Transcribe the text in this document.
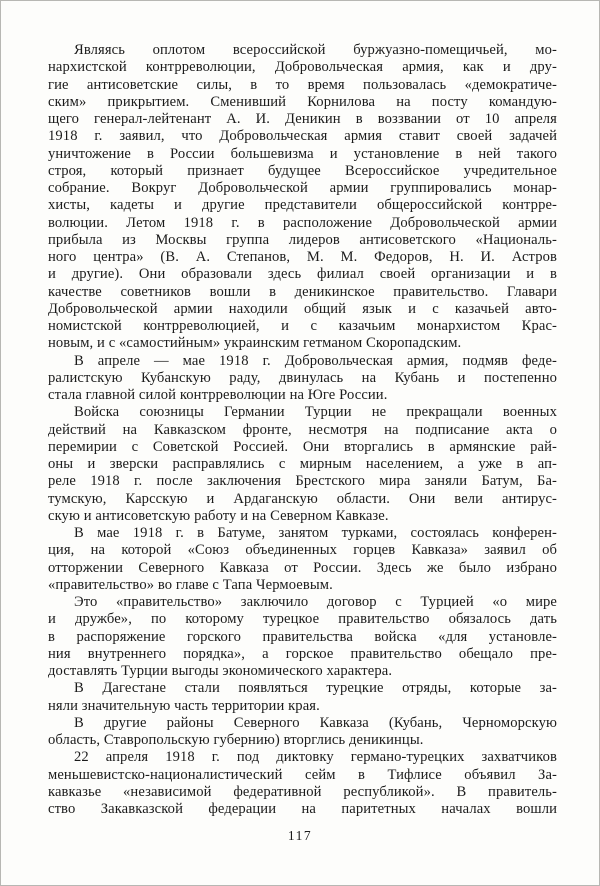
Являясь оплотом всероссийской буржуазно-помещичьей, мо-
нархистской контрреволюции, Добровольческая армия, как и дру-
гие антисоветские силы, в то время пользовалась «демократиче-
ским» прикрытием. Сменивший Корнилова на посту командую-
щего генерал-лейтенант А. И. Деникин в воззвании от 10 апреля
1918 г. заявил, что Добровольческая армия ставит своей задачей
уничтожение в России большевизма и установление в ней такого
строя, который признает будущее Всероссийское учредительное
собрание. Вокруг Добровольческой армии группировались монар-
хисты, кадеты и другие представители общероссийской контрре-
волюции. Летом 1918 г. в расположение Добровольческой армии
прибыла из Москвы группа лидеров антисоветского «Националь-
ного центра» (В. А. Степанов, М. М. Федоров, Н. И. Астров
и другие). Они образовали здесь филиал своей организации и в
качестве советников вошли в деникинское правительство. Главари
Добровольческой армии находили общий язык и с казачьей авто-
номистской контрреволюцией, и с казачьим монархистом Крас-
новым, и с «самостийным» украинским гетманом Скоропадским.
В апреле — мае 1918 г. Добровольческая армия, подмяв феде-
ралистскую Кубанскую раду, двинулась на Кубань и постепенно
стала главной силой контрреволюции на Юге России.
Войска союзницы Германии Турции не прекращали военных
действий на Кавказском фронте, несмотря на подписание акта о
перемирии с Советской Россией. Они вторгались в армянские рай-
оны и зверски расправлялись с мирным населением, а уже в ап-
реле 1918 г. после заключения Брестского мира заняли Батум, Ба-
тумскую, Карсскую и Ардаганскую области. Они вели антирус-
скую и антисоветскую работу и на Северном Кавказе.
В мае 1918 г. в Батуме, занятом турками, состоялась конферен-
ция, на которой «Союз объединенных горцев Кавказа» заявил об
отторжении Северного Кавказа от России. Здесь же было избрано
«правительство» во главе с Тапа Чермоевым.
Это «правительство» заключило договор с Турцией «о мире
и дружбе», по которому турецкое правительство обязалось дать
в распоряжение горского правительства войска «для установле-
ния внутреннего порядка», а горское правительство обещало пре-
доставлять Турции выгоды экономического характера.
В Дагестане стали появляться турецкие отряды, которые за-
няли значительную часть территории края.
В другие районы Северного Кавказа (Кубань, Черноморскую
область, Ставропольскую губернию) вторглись деникинцы.
22 апреля 1918 г. под диктовку германо-турецких захватчиков
меньшевистско-националистический сейм в Тифлисе объявил За-
кавказье «независимой федеративной республикой». В правитель-
ство Закавказской федерации на паритетных началах вошли
117
